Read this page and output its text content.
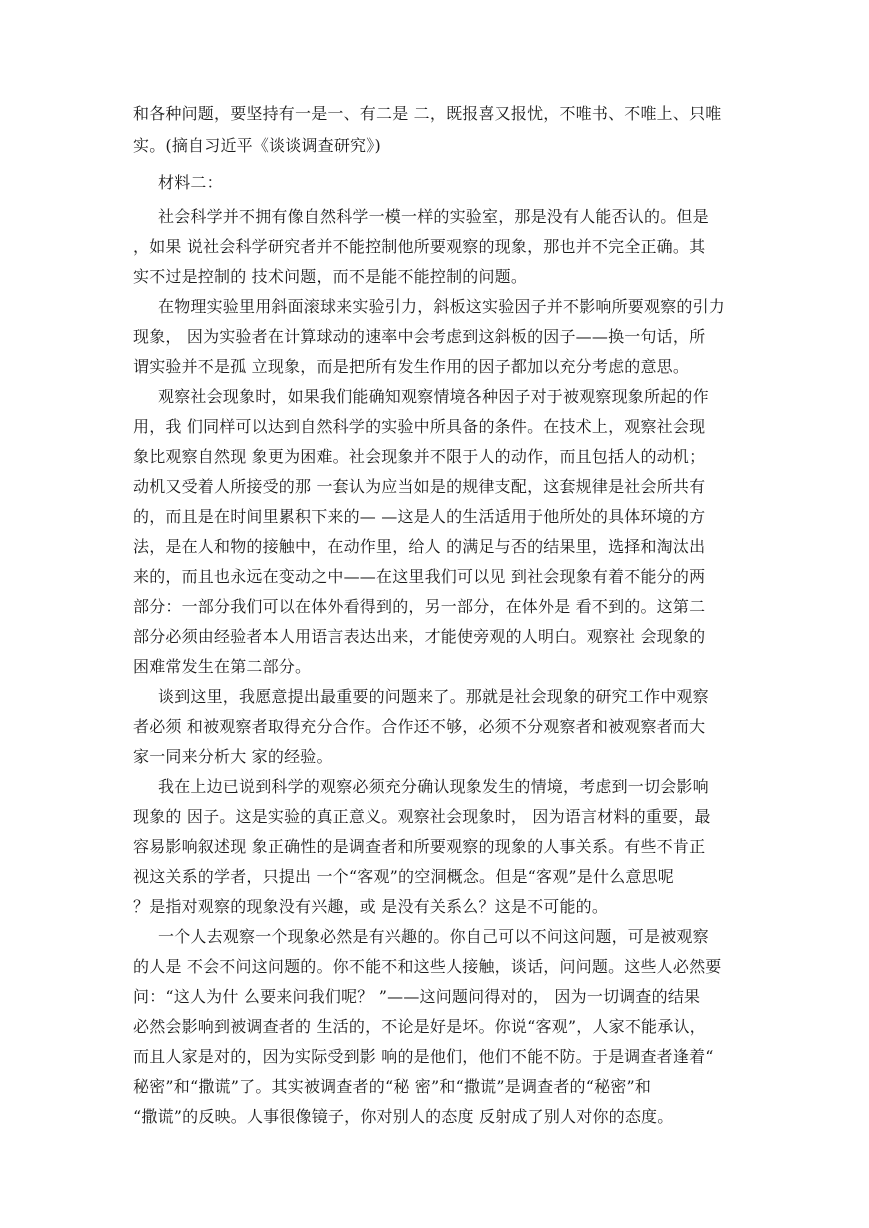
和各种问题，要坚持有一是一、有二是 二，既报喜又报忧，不唯书、不唯上、只唯
实。(摘自习近平《谈谈调查研究》)
材料二：
社会科学并不拥有像自然科学一模一样的实验室，那是没有人能否认的。但是
，如果 说社会科学研究者并不能控制他所要观察的现象，那也并不完全正确。其
实不过是控制的 技术问题，而不是能不能控制的问题。
在物理实验里用斜面滚球来实验引力，斜板这实验因子并不影响所要观察的引力
现象， 因为实验者在计算球动的速率中会考虑到这斜板的因子——换一句话，所
谓实验并不是孤 立现象，而是把所有发生作用的因子都加以充分考虑的意思。
观察社会现象时，如果我们能确知观察情境各种因子对于被观察现象所起的作
用，我 们同样可以达到自然科学的实验中所具备的条件。在技术上，观察社会现
象比观察自然现 象更为困难。社会现象并不限于人的动作，而且包括人的动机；
动机又受着人所接受的那 一套认为应当如是的规律支配，这套规律是社会所共有
的，而且是在时间里累积下来的— —这是人的生活适用于他所处的具体环境的方
法，是在人和物的接触中，在动作里，给人 的满足与否的结果里，选择和淘汰出
来的，而且也永远在变动之中——在这里我们可以见 到社会现象有着不能分的两
部分：一部分我们可以在体外看得到的，另一部分，在体外是 看不到的。这第二
部分必须由经验者本人用语言表达出来，才能使旁观的人明白。观察社 会现象的
困难常发生在第二部分。
谈到这里，我愿意提出最重要的问题来了。那就是社会现象的研究工作中观察
者必须 和被观察者取得充分合作。合作还不够，必须不分观察者和被观察者而大
家一同来分析大 家的经验。
我在上边已说到科学的观察必须充分确认现象发生的情境，考虑到一切会影响
现象的 因子。这是实验的真正意义。观察社会现象时， 因为语言材料的重要，最
容易影响叙述现 象正确性的是调查者和所要观察的现象的人事关系。有些不肯正
视这关系的学者，只提出 一个“客观”的空洞概念。但是“客观”是什么意思呢
？是指对观察的现象没有兴趣，或 是没有关系么？这是不可能的。
一个人去观察一个现象必然是有兴趣的。你自己可以不问这问题，可是被观察
的人是 不会不问这问题的。你不能不和这些人接触，谈话，问问题。这些人必然要
问：“这人为什 么要来问我们呢？ ”——这问题问得对的， 因为一切调查的结果
必然会影响到被调查者的 生活的，不论是好是坏。你说“客观”，人家不能承认，
而且人家是对的，因为实际受到影 响的是他们，他们不能不防。于是调查者逢着“
秘密”和“撒谎”了。其实被调查者的“秘 密”和“撒谎”是调查者的“秘密”和
“撒谎”的反映。人事很像镜子，你对别人的态度 反射成了别人对你的态度。
